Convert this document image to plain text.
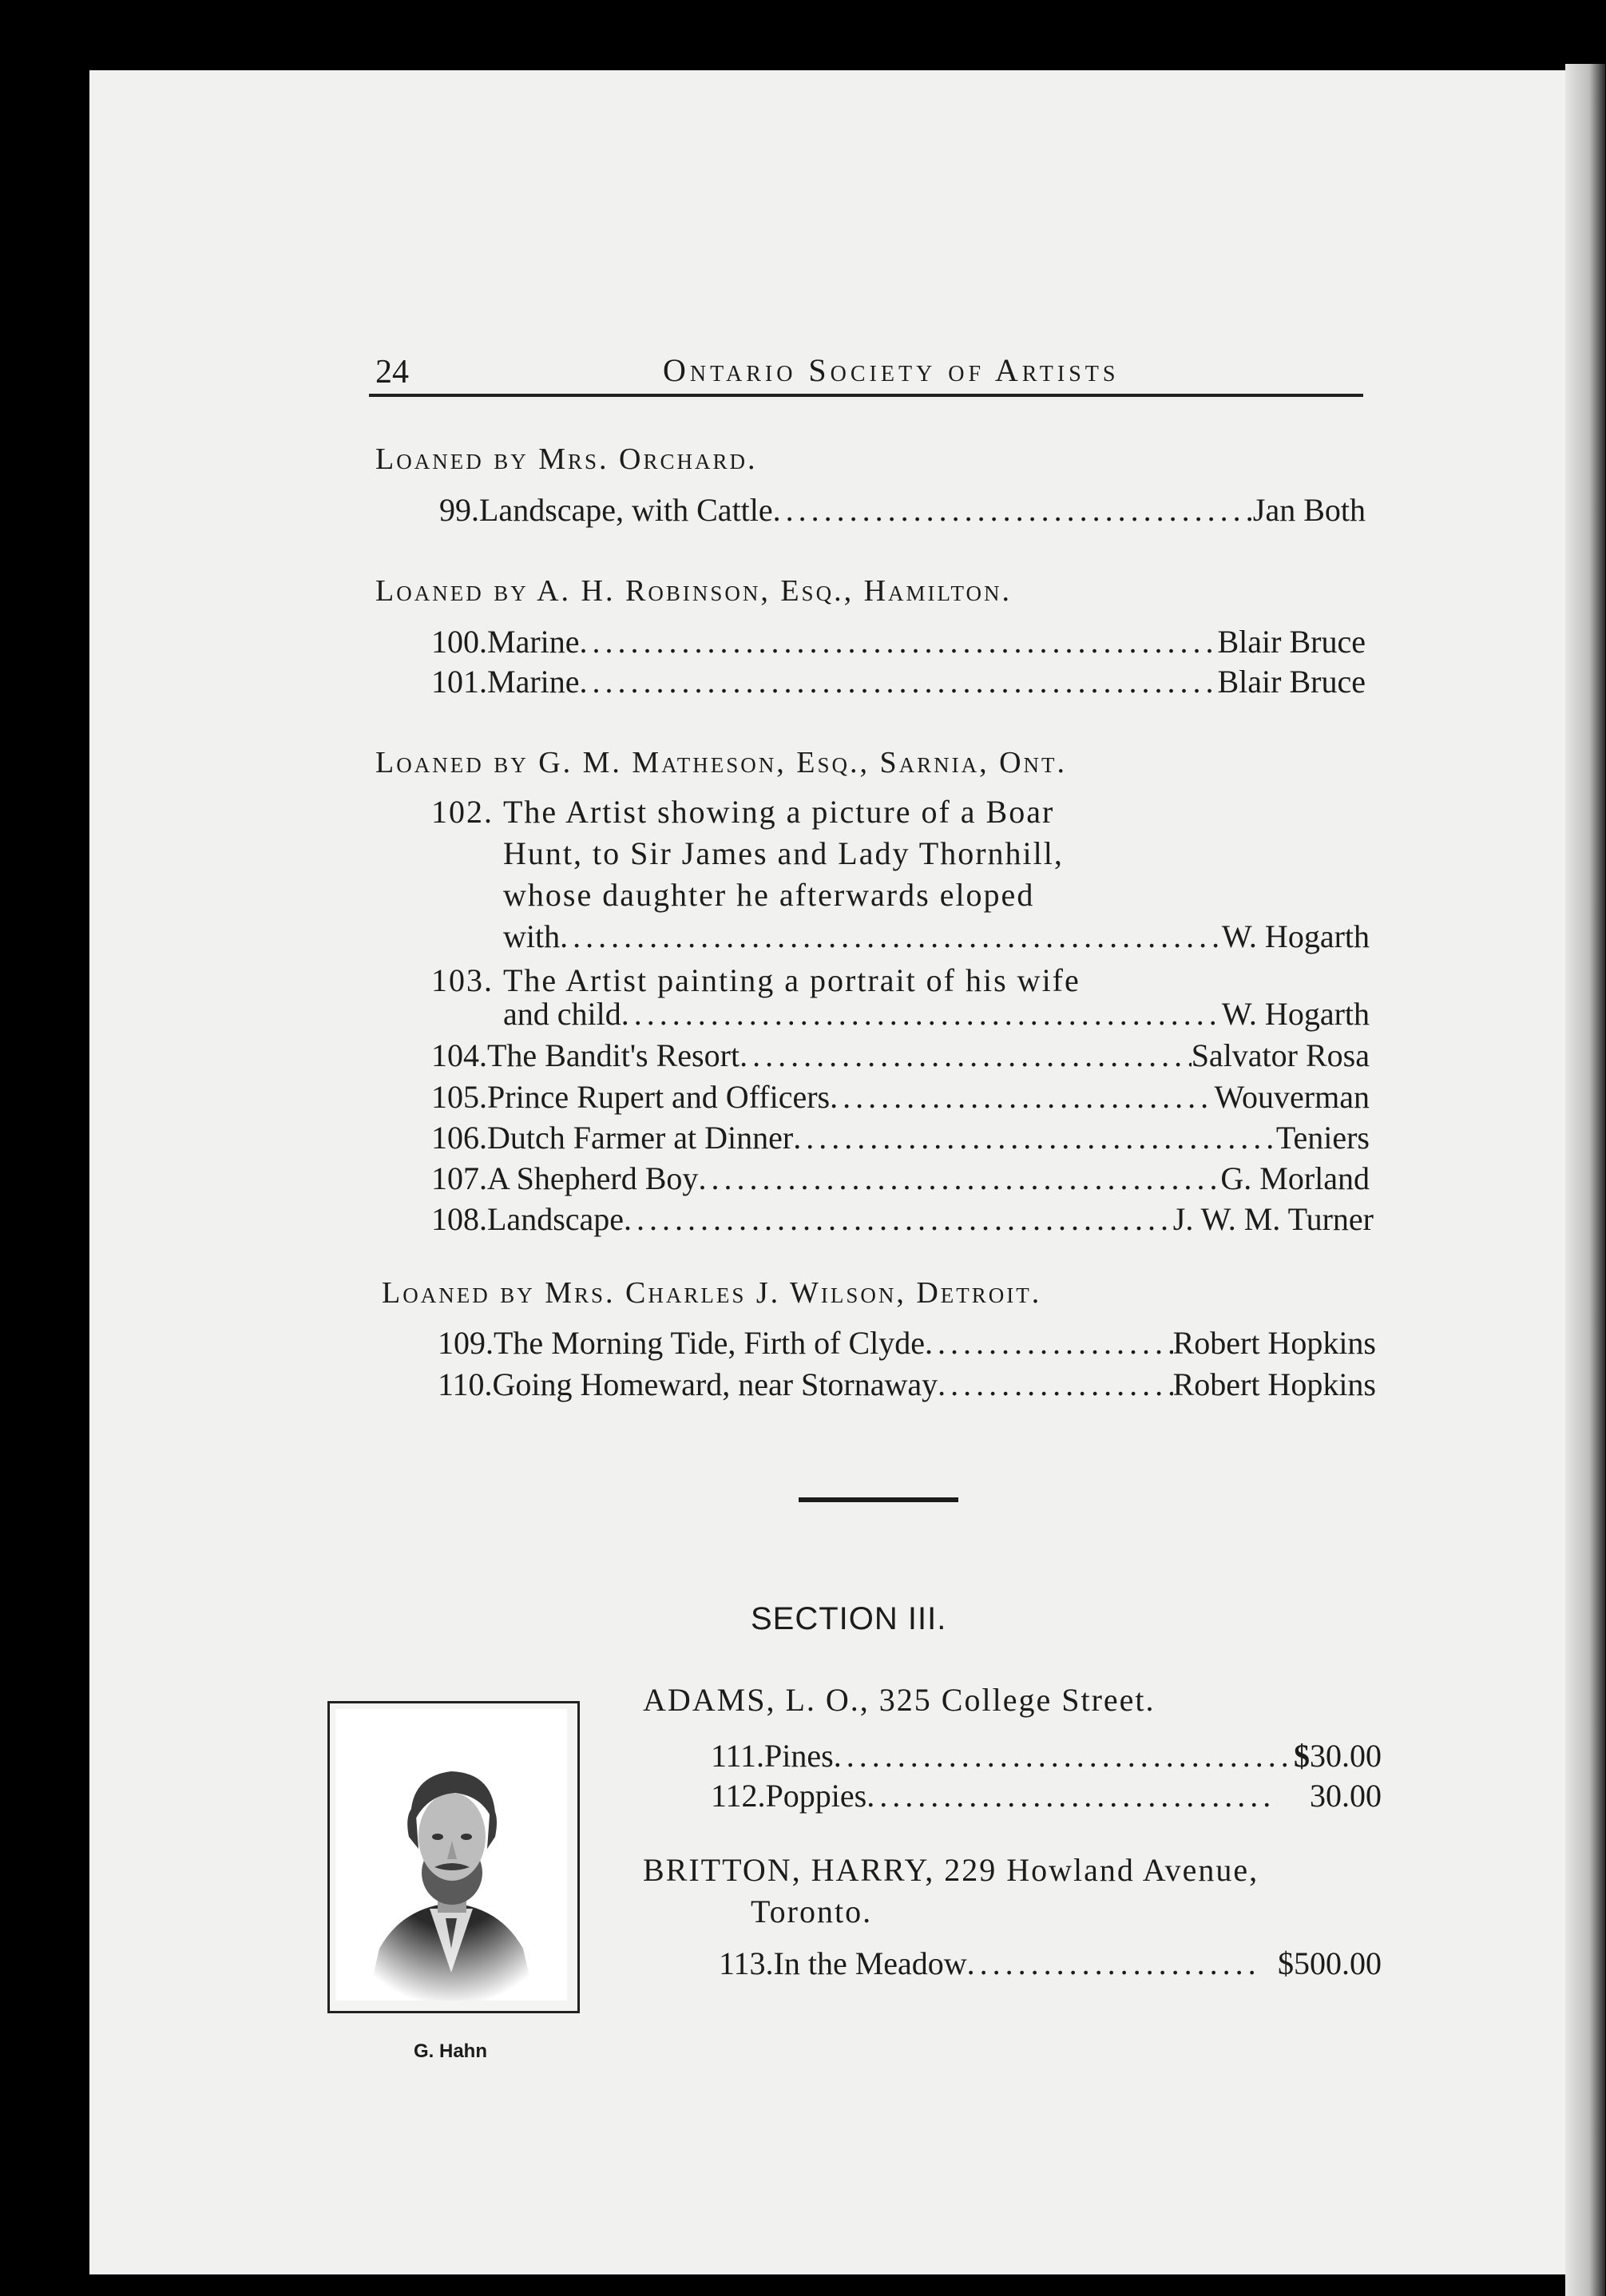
24	Ontario Society of Artists
Loaned by Mrs. Orchard.
99. Landscape, with Cattle .....	Jan Both
Loaned by A. H. Robinson, Esq., Hamilton.
100. Marine .....	Blair Bruce
101. Marine .....	Blair Bruce
Loaned by G. M. Matheson, Esq., Sarnia, Ont.
102. The Artist showing a picture of a Boar
Hunt, to Sir James and Lady Thornhill,
whose daughter he afterwards eloped
with .....	W. Hogarth
103. The Artist painting a portrait of his wife
and child .....	W. Hogarth
104. The Bandit's Resort .....	Salvator Rosa
105. Prince Rupert and Officers .....	Wouverman
106. Dutch Farmer at Dinner .....	Teniers
107. A Shepherd Boy .....	G. Morland
108. Landscape .....	J. W. M. Turner
Loaned by Mrs. Charles J. Wilson, Detroit.
109. The Morning Tide, Firth of Clyde .....	Robert Hopkins
110. Going Homeward, near Stornaway .....	Robert Hopkins
SECTION III.
G. Hahn
ADAMS, L. O., 325 College Street.
111. Pines .....	$ 30.00
112. Poppies .....	30.00
BRITTON, HARRY, 229 Howland Avenue,
Toronto.
113. In the Meadow .....	$500.00
